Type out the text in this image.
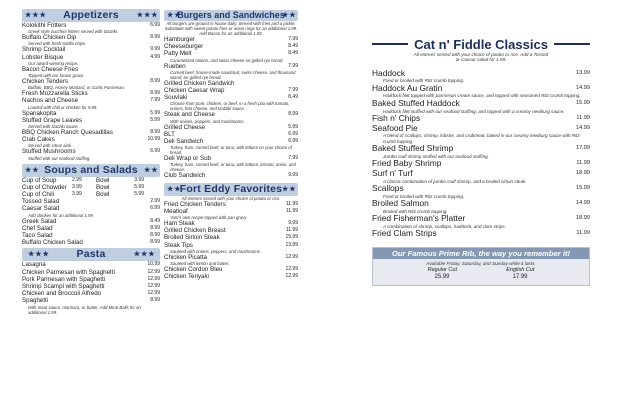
★ ★ ★ Appetizers	★ ★ ★
Kolokithi Fritters	6.99
Greek style zucchini fritters served with tzatziki.
Buffalo Chicken Dip	8.99
Served with fresh tortilla chips.
Shrimp Cocktail	9.99
Lobster Bisque	4.99
Our award-winning recipe.
Bacon Cheese Fries
Topped with our brown gravy.
Chicken Tenders	8.99
Buffalo, BBQ, Honey Mustard, or Garlic Parmesan.
Fresh Mozzarella Sticks	8.99
Nachos and Cheese	7.99
Loaded with chili or chicken for 9.99.
Spanakopita	5.99
Stuffed Grape Leaves	5.99
Served with tzatziki sauce.
BBQ Chicken Ranch Quesadillas	8.99
Crab Cakes	10.99
Served with citrus aioli.
Stuffed Mushrooms	6.99
Stuffed with our seafood stuffing.
★ ★ Soups and Salads ★ ★
Cup of Soup	2.99	Bowl	3.99
Cup of Chowder	3.99	Bowl	5.99
Cup of Chili	3.99	Bowl	5.99
Tossed Salad	2.99
Caesar Salad	6.99
Add chicken for an additional 1.99.
Greek Salad	8.49
Chef Salad	8.99
Taco Salad	8.99
Buffalo Chicken Salad	8.99
★ ★ ★	Pasta	★ ★ ★
Lasagna	10.99
Chicken Parmesan with Spaghetti	12.99
Pork Parmesan with Spaghetti	12.99
Shrimp Scampi with Spaghetti	12.99
Chicken and Broccoli Alfredo	12.99
Spaghetti	8.99
With meat sauce, marinara, or butter. Add Meat Balls for an additional 1.99.
★ ★
Burgers and Sandwiches
★ ★
All burgers are ground in house daily. Served with fries and a pickle. Substitute with sweet potato fries or onion rings for an additional 1.99. Add Bacon for an additional 1.00.
Hamburger	7.99
Cheeseburger	8.49
Patty Melt	8.49
Caramelized onions, and swiss cheese on grilled rye bread.
Rueben	7.99
Corned beef, house-made saurkraut, swiss cheese, and thousand island, on grilled rye bread.
Grilled Chicken Sandwich
Chicken Caesar Wrap	7.99
Souvlaki	8.49
Choose from pork, chicken, or beef, in a fresh pita with tomato, onions, feta cheese, and tzatziki sauce.
Steak and Cheese	8.99
With onions, peppers, and mushrooms.
Grilled Cheese	5.99
BLT	6.99
Deli Sandwich	6.99
Turkey, ham, corned beef, or tuna, with lettuce on your choice of bread.
Deli Wrap or Sub	7.99
Turkey, ham, corned beef, or tuna, with lettuce, tomato, onion, and cheese.
Club Sandwich	9.99
★ ★ Fort Eddy Favorites ★ ★
All entrees served with your choice of potato or rice.
Fried Chicken Tenders	11.99
Meatloaf	11.99
Yani's own recipe topped with pan gravy.
Ham Steak	9.99
Grilled Chicken Breast	11.99
Broiled Sirloin Steak	15.99
Steak Tips	13.99
Sauteed with onions, peppers, and mushrooms.
Chicken Picatta	12.99
Sauteed with lemon and butter.
Chicken Cordon Bleu	12.99
Chicken Teriyaki	12.99
Cat n' Fiddle Classics
All entrees served with your choice of potato or rice. Add a Tossed or Caesar salad for 1.99.
Haddock	13.99
Fried or broiled with Ritz crumb topping.
Haddock Au Gratin	14.99
Haddock filet topped with parmesan cream sauce, and topped with seasoned Ritz crumb topping.
Baked Stuffed Haddock	15.99
Haddock filet stuffed with our seafood stuffing, and topped with a creamy newburg sauce.
Fish n' Chips	11.99
Seafood Pie	14.99
A blend of scallops, shrimp, lobster, and crabmeat, baked in our creamy newburg sauce with Ritz crumb topping.
Baked Stuffed Shrimp	17.99
Jumbo Gulf shrimp stuffed with our seafood stuffing.
Fried Baby Shrimp	11.99
Surf n' Turf	18.99
A classic combination of jumbo Gulf shrimp, and a broiled sirloin steak.
Scallops	15.99
Fried or broiled with Ritz crumb topping.
Broiled Salmon	14.99
Broiled with Ritz crumb topping.
Fried Fisherman's Platter	18.99
A combination of shrimp, scallops, haddock, and clam strips.
Fried Clam Strips	11.99
Our Famous Prime Rib, the way you remember it!
Available Friday, Saturday, and Sunday while it lasts.
Regular Cut	English Cut
25.99	17.99
